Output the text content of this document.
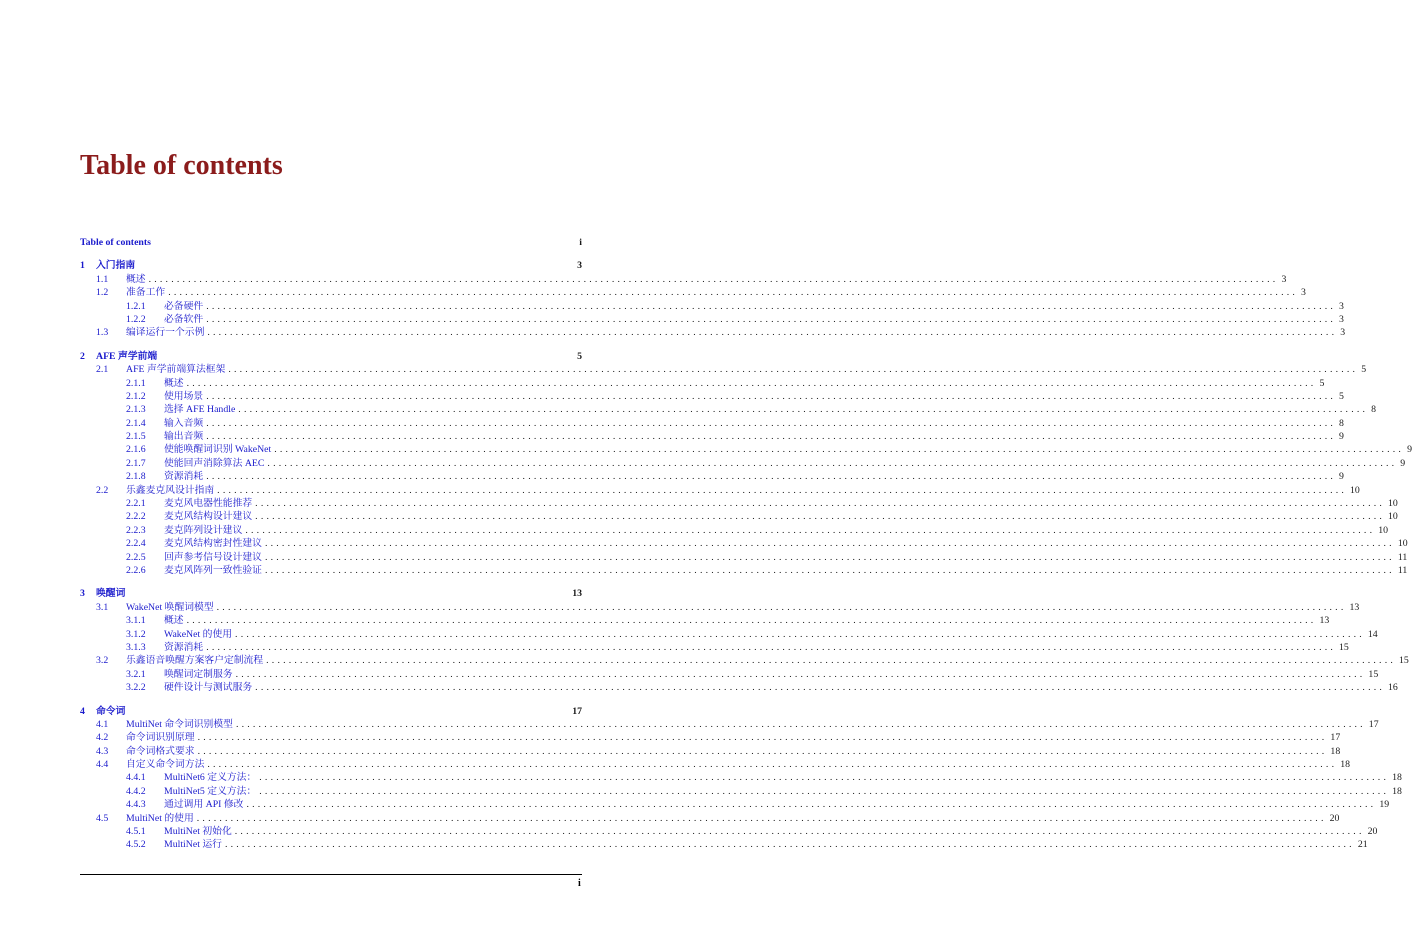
Table of contents
Table of contents	i
1	入门指南	3
1.1	概述 ........................................................................................................................................................................................................ 3
1.2	准备工作 ........................................................................................................................................................................................................ 3
1.2.1	必备硬件 ........................................................................................................................................................................................................ 3
1.2.2	必备软件 ........................................................................................................................................................................................................ 3
1.3	编译运行一个示例 ........................................................................................................................................................................................................ 3
2	AFE 声学前端	5
2.1	AFE 声学前端算法框架 ........................................................................................................................................................................................................ 5
2.1.1	概述 ........................................................................................................................................................................................................ 5
2.1.2	使用场景 ........................................................................................................................................................................................................ 5
2.1.3	选择 AFE Handle ........................................................................................................................................................................................................ 8
2.1.4	输入音频 ........................................................................................................................................................................................................ 8
2.1.5	输出音频 ........................................................................................................................................................................................................ 9
2.1.6	使能唤醒词识别 WakeNet ........................................................................................................................................................................................................ 9
2.1.7	使能回声消除算法 AEC ........................................................................................................................................................................................................ 9
2.1.8	资源消耗 ........................................................................................................................................................................................................ 9
2.2	乐鑫麦克风设计指南 ........................................................................................................................................................................................................ 10
2.2.1	麦克风电器性能推荐 ........................................................................................................................................................................................................ 10
2.2.2	麦克风结构设计建议 ........................................................................................................................................................................................................ 10
2.2.3	麦克阵列设计建议 ........................................................................................................................................................................................................ 10
2.2.4	麦克风结构密封性建议 ........................................................................................................................................................................................................ 10
2.2.5	回声参考信号设计建议 ........................................................................................................................................................................................................ 11
2.2.6	麦克风阵列一致性验证 ........................................................................................................................................................................................................ 11
3	唤醒词	13
3.1	WakeNet 唤醒词模型 ........................................................................................................................................................................................................ 13
3.1.1	概述 ........................................................................................................................................................................................................ 13
3.1.2	WakeNet 的使用 ........................................................................................................................................................................................................ 14
3.1.3	资源消耗 ........................................................................................................................................................................................................ 15
3.2	乐鑫语音唤醒方案客户定制流程 ........................................................................................................................................................................................................ 15
3.2.1	唤醒词定制服务 ........................................................................................................................................................................................................ 15
3.2.2	硬件设计与测试服务 ........................................................................................................................................................................................................ 16
4	命令词	17
4.1	MultiNet 命令词识别模型 ........................................................................................................................................................................................................ 17
4.2	命令词识别原理 ........................................................................................................................................................................................................ 17
4.3	命令词格式要求 ........................................................................................................................................................................................................ 18
4.4	自定义命令词方法 ........................................................................................................................................................................................................ 18
4.4.1	MultiNet6 定义方法： ........................................................................................................................................................................................................ 18
4.4.2	MultiNet5 定义方法： ........................................................................................................................................................................................................ 18
4.4.3	通过调用 API 修改 ........................................................................................................................................................................................................ 19
4.5	MultiNet 的使用 ........................................................................................................................................................................................................ 20
4.5.1	MultiNet 初始化 ........................................................................................................................................................................................................ 20
4.5.2	MultiNet 运行 ........................................................................................................................................................................................................ 21
i
